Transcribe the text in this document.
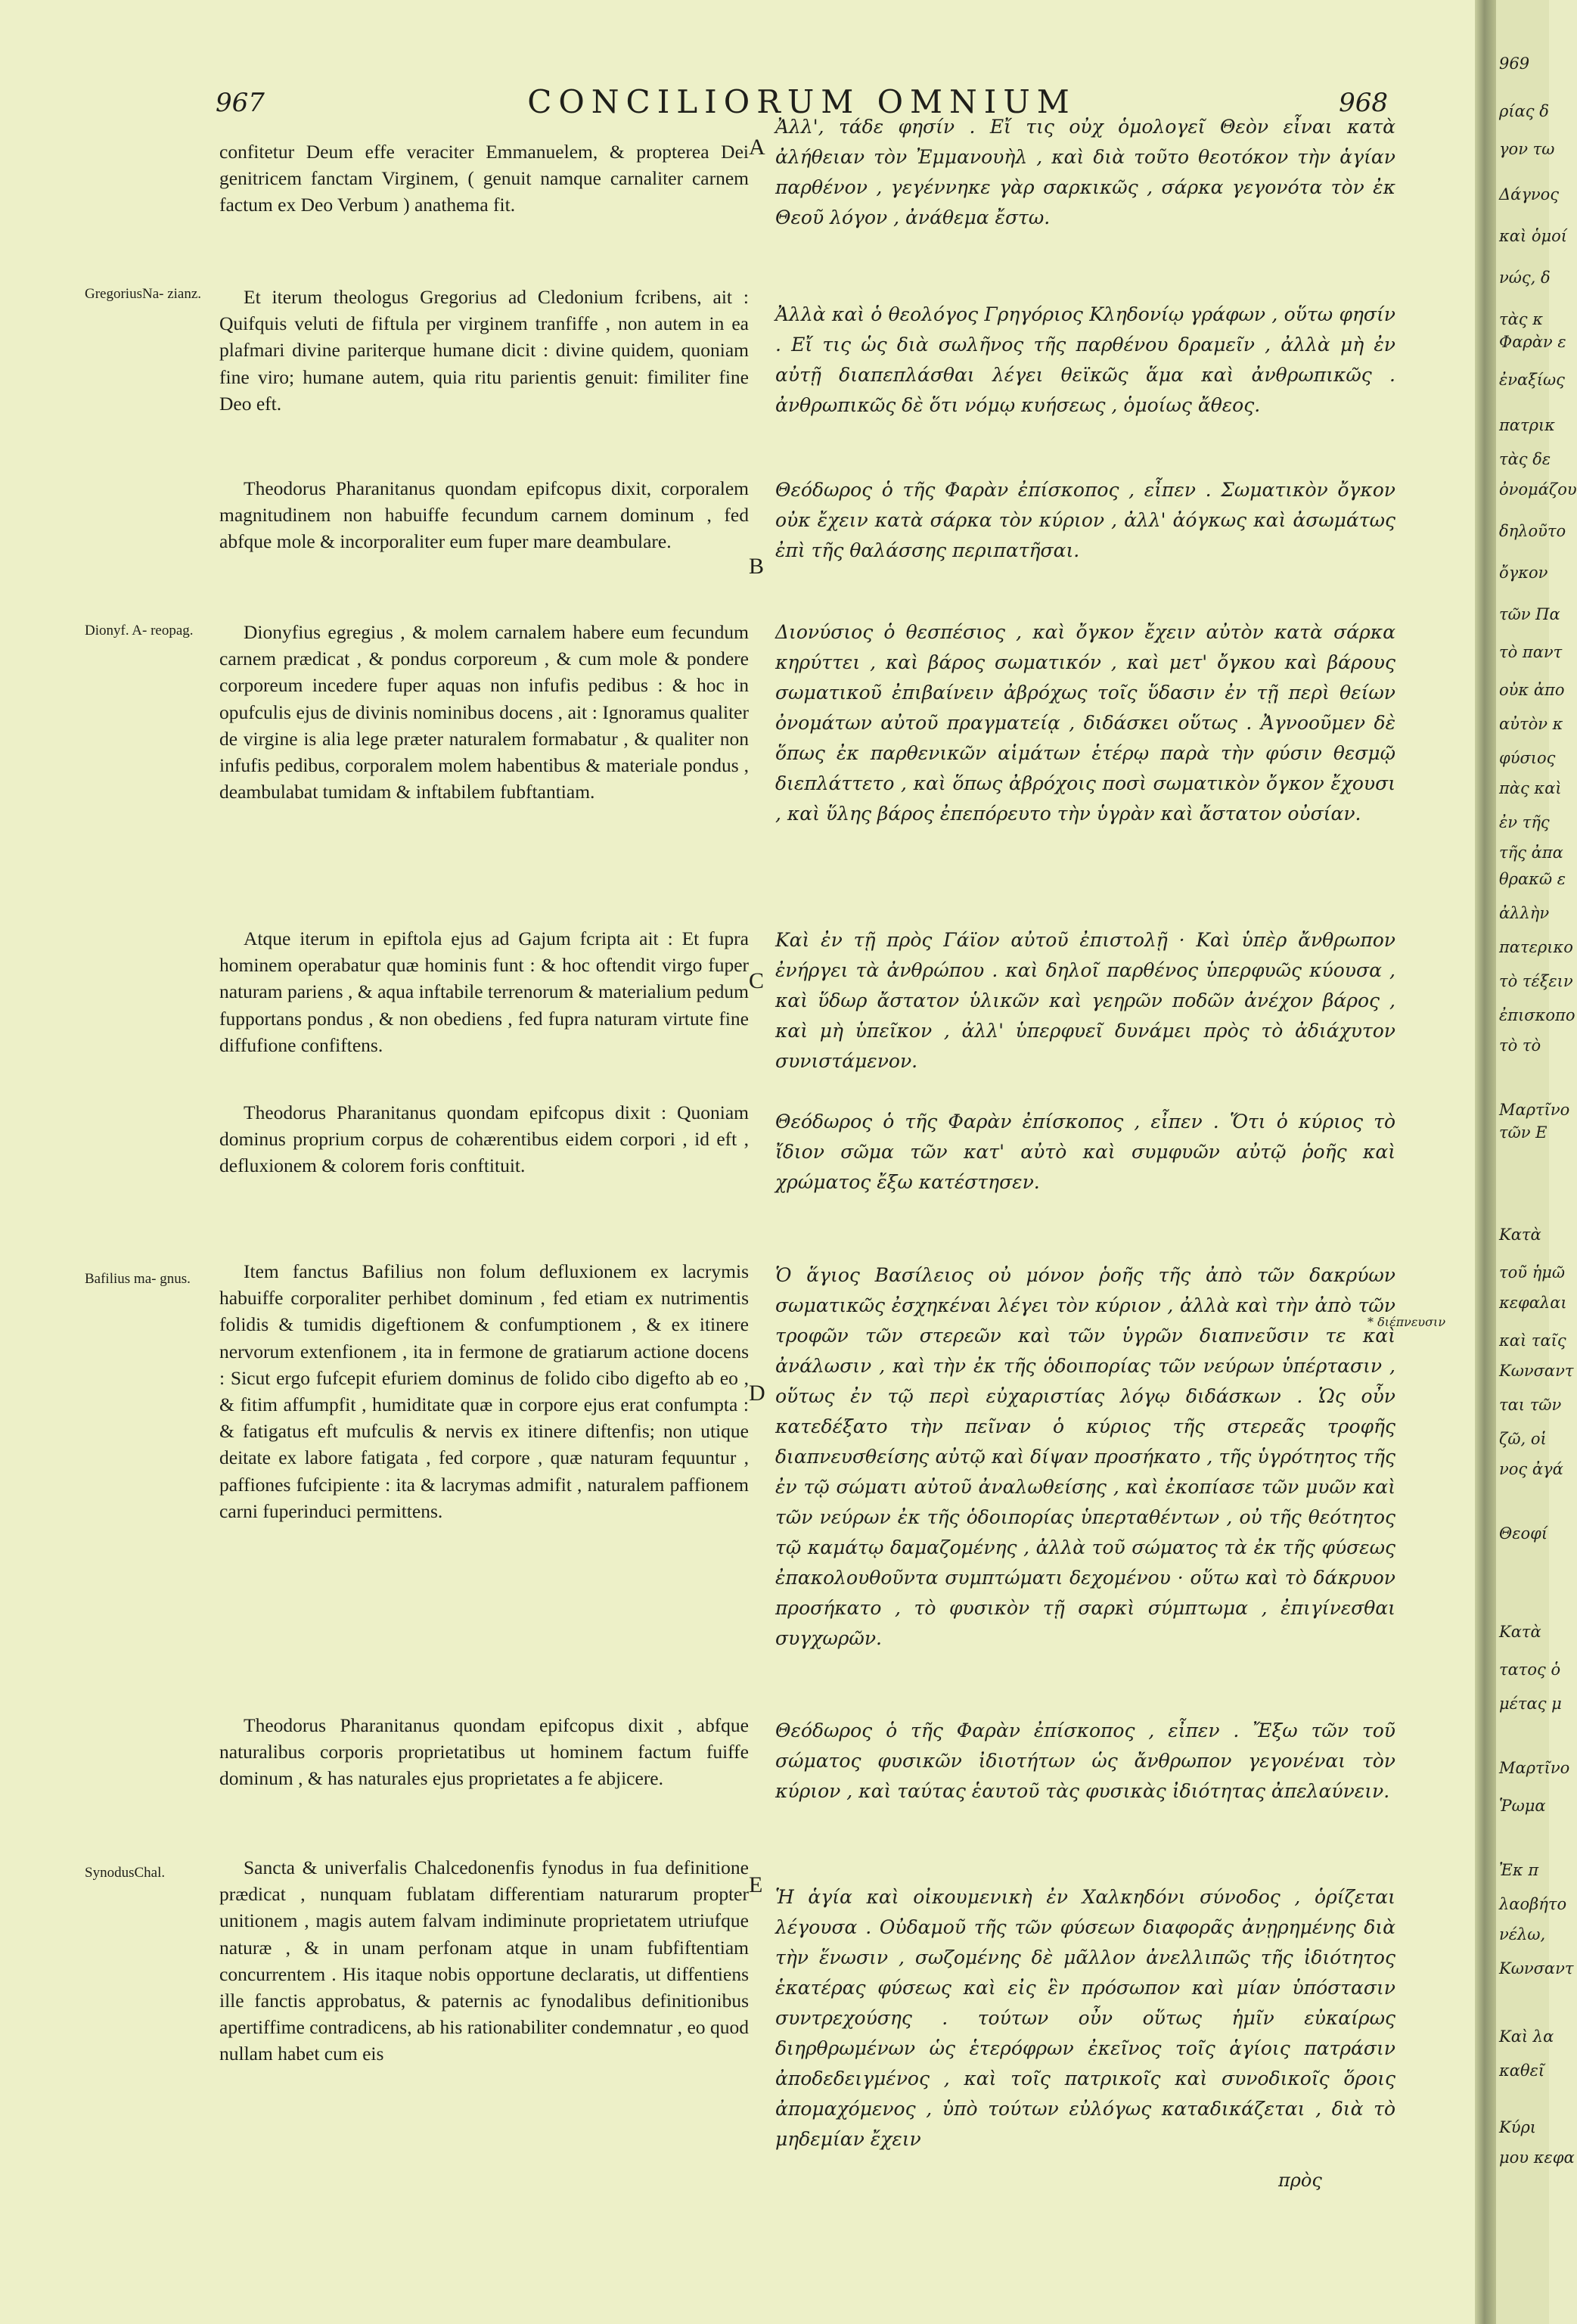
967	CONCILIORUM OMNIUM	968
GregoriusNa- zianz.
Dionyf. A- reopag.
Bafilius ma- gnus.
SynodusChal.
A
B
C
D
E

confitetur Deum effe veraciter Emmanuelem, & propterea Dei genitricem fanctam Virginem, ( genuit namque carnaliter carnem factum ex Deo Verbum ) anathema fit.

Et iterum theologus Gregorius ad Cledonium fcribens, ait : Quifquis veluti de fiftula per virginem tranfiffe , non autem in ea plafmari divine pariterque humane dicit : divine quidem, quoniam fine viro; humane autem, quia ritu parientis genuit: fimiliter fine Deo eft.

Theodorus Pharanitanus quondam epifcopus dixit, corporalem magnitudinem non habuiffe fecundum carnem dominum , fed abfque mole & incorporaliter eum fuper mare deambulare.

Dionyfius egregius , & molem carnalem habere eum fecundum carnem prædicat , & pondus corporeum , & cum mole & pondere corporeum incedere fuper aquas non infufis pedibus : & hoc in opufculis ejus de divinis nominibus docens , ait : Ignoramus qualiter de virgine is alia lege præter naturalem formabatur , & qualiter non infufis pedibus, corporalem molem habentibus & materiale pondus , deambulabat tumidam & inftabilem fubftantiam.

Atque iterum in epiftola ejus ad Gajum fcripta ait : Et fupra hominem operabatur quæ hominis funt : & hoc oftendit virgo fuper naturam pariens , & aqua inftabile terrenorum & materialium pedum fupportans pondus , & non obediens , fed fupra naturam virtute fine diffufione confiftens.

Theodorus Pharanitanus quondam epifcopus dixit : Quoniam dominus proprium corpus de cohærentibus eidem corpori , id eft , defluxionem & colorem foris conftituit.

Item fanctus Bafilius non folum defluxionem ex lacrymis habuiffe corporaliter perhibet dominum , fed etiam ex nutrimentis folidis & tumidis digeftionem & confumptionem , & ex itinere nervorum extenfionem , ita in fermone de gratiarum actione docens : Sicut ergo fufcepit efuriem dominus de folido cibo digefto ab eo , & fitim affumpfit , humiditate quæ in corpore ejus erat confumpta : & fatigatus eft mufculis & nervis ex itinere diftenfis; non utique deitate ex labore fatigata , fed corpore , quæ naturam fequuntur , paffiones fufcipiente : ita & lacrymas admifit , naturalem paffionem carni fuperinduci permittens.

Theodorus Pharanitanus quondam epifcopus dixit , abfque naturalibus corporis proprietatibus ut hominem factum fuiffe dominum , & has naturales ejus proprietates a fe abjicere.

Sancta & univerfalis Chalcedonenfis fynodus in fua definitione prædicat , nunquam fublatam differentiam naturarum propter unitionem , magis autem falvam indiminute proprietatem utriufque naturæ , & in unam perfonam atque in unam fubfiftentiam concurrentem . His itaque nobis opportune declaratis, ut diffentiens ille fanctis approbatus, & paternis ac fynodalibus definitionibus apertiffime contradicens, ab his rationabiliter condemnatur , eo quod nullam habet cum eis

Ἀλλ', τάδε φησίν . Εἴ τις οὐχ ὁμολογεῖ Θεὸν εἶναι κατὰ ἀλήθειαν τὸν Ἐμμανουὴλ , καὶ διὰ τοῦτο θεοτόκον τὴν ἁγίαν παρθένον , γεγέννηκε γὰρ σαρκικῶς , σάρκα γεγονότα τὸν ἐκ Θεοῦ λόγον , ἀνάθεμα ἔστω.

Ἀλλὰ καὶ ὁ θεολόγος Γρηγόριος Κληδονίῳ γράφων , οὕτω φησίν . Εἴ τις ὡς διὰ σωλῆνος τῆς παρθένου δραμεῖν , ἀλλὰ μὴ ἐν αὐτῇ διαπεπλάσθαι λέγει θεϊκῶς ἅμα καὶ ἀνθρωπικῶς . ἀνθρωπικῶς δὲ ὅτι νόμῳ κυήσεως , ὁμοίως ἄθεος.

Θεόδωρος ὁ τῆς Φαρὰν ἐπίσκοπος , εἶπεν . Σωματικὸν ὄγκον οὐκ ἔχειν κατὰ σάρκα τὸν κύριον , ἀλλ' ἀόγκως καὶ ἀσωμάτως ἐπὶ τῆς θαλάσσης περιπατῆσαι.

Διονύσιος ὁ θεσπέσιος , καὶ ὄγκον ἔχειν αὐτὸν κατὰ σάρκα κηρύττει , καὶ βάρος σωματικόν , καὶ μετ' ὄγκου καὶ βάρους σωματικοῦ ἐπιβαίνειν ἀβρόχως τοῖς ὕδασιν ἐν τῇ περὶ θείων ὀνομάτων αὐτοῦ πραγματείᾳ , διδάσκει οὕτως . Ἀγνοοῦμεν δὲ ὅπως ἐκ παρθενικῶν αἱμάτων ἑτέρῳ παρὰ τὴν φύσιν θεσμῷ διεπλάττετο , καὶ ὅπως ἀβρόχοις ποσὶ σωματικὸν ὄγκον ἔχουσι , καὶ ὕλης βάρος ἐπεπόρευτο τὴν ὑγρὰν καὶ ἄστατον οὐσίαν.

Καὶ ἐν τῇ πρὸς Γάϊον αὐτοῦ ἐπιστολῇ · Καὶ ὑπὲρ ἄνθρωπον ἐνήργει τὰ ἀνθρώπου . καὶ δηλοῖ παρθένος ὑπερφυῶς κύουσα , καὶ ὕδωρ ἄστατον ὑλικῶν καὶ γεηρῶν ποδῶν ἀνέχον βάρος , καὶ μὴ ὑπεῖκον , ἀλλ' ὑπερφυεῖ δυνάμει πρὸς τὸ ἀδιάχυτον συνιστάμενον.

Θεόδωρος ὁ τῆς Φαρὰν ἐπίσκοπος , εἶπεν . Ὅτι ὁ κύριος τὸ ἴδιον σῶμα τῶν κατ' αὐτὸ καὶ συμφυῶν αὐτῷ ῥοῆς καὶ χρώματος ἔξω κατέστησεν.

Ὁ ἅγιος Βασίλειος οὐ μόνον ῥοῆς τῆς ἀπὸ τῶν δακρύων σωματικῶς ἐσχηκέναι λέγει τὸν κύριον , ἀλλὰ καὶ τὴν ἀπὸ τῶν τροφῶν τῶν στερεῶν καὶ τῶν ὑγρῶν διαπνεῦσιν τε καὶ ἀνάλωσιν , καὶ τὴν ἐκ τῆς ὁδοιπορίας τῶν νεύρων ὑπέρτασιν , οὕτως ἐν τῷ περὶ εὐχαριστίας λόγῳ διδάσκων . Ὡς οὖν κατεδέξατο τὴν πεῖναν ὁ κύριος τῆς στερεᾶς τροφῆς διαπνευσθείσης αὐτῷ καὶ δίψαν προσήκατο , τῆς ὑγρότητος τῆς ἐν τῷ σώματι αὐτοῦ ἀναλωθείσης , καὶ ἐκοπίασε τῶν μυῶν καὶ τῶν νεύρων ἐκ τῆς ὁδοιπορίας ὑπερταθέντων , οὐ τῆς θεότητος τῷ καμάτῳ δαμαζομένης , ἀλλὰ τοῦ σώματος τὰ ἐκ τῆς φύσεως ἐπακολουθοῦντα συμπτώματι δεχομένου · οὕτω καὶ τὸ δάκρυον προσήκατο , τὸ φυσικὸν τῇ σαρκὶ σύμπτωμα , ἐπιγίνεσθαι συγχωρῶν.

Θεόδωρος ὁ τῆς Φαρὰν ἐπίσκοπος , εἶπεν . Ἔξω τῶν τοῦ σώματος φυσικῶν ἰδιοτήτων ὡς ἄνθρωπον γεγονέναι τὸν κύριον , καὶ ταύτας ἑαυτοῦ τὰς φυσικὰς ἰδιότητας ἀπελαύνειν.

Ἡ ἁγία καὶ οἰκουμενικὴ ἐν Χαλκηδόνι σύνοδος , ὁρίζεται λέγουσα . Οὐδαμοῦ τῆς τῶν φύσεων διαφορᾶς ἀνῃρημένης διὰ τὴν ἕνωσιν , σωζομένης δὲ μᾶλλον ἀνελλιπῶς τῆς ἰδιότητος ἑκατέρας φύσεως καὶ εἰς ἓν πρόσωπον καὶ μίαν ὑπόστασιν συντρεχούσης . τούτων οὖν οὕτως ἡμῖν εὐκαίρως διηρθρωμένων ὡς ἑτερόφρων ἐκεῖνος τοῖς ἁγίοις πατράσιν ἀποδεδειγμένος , καὶ τοῖς πατρικοῖς καὶ συνοδικοῖς ὅροις ἀπομαχόμενος , ὑπὸ τούτων εὐλόγως καταδικάζεται , διὰ τὸ μηδεμίαν ἔχειν

* διέπνευσιν
πρὸς
969
ρίας δ
γον τω
Δάγνος
καὶ ὁμοί
νώς, δ
τὰς κ
Φαρὰν ε
ἐναξίως
πατρικ
τὰς δε
ὀνομάζου
δηλοῦτο
ὄγκον
τῶν Πα
τὸ παντ
οὐκ ἀπο
αὐτὸν κ
φύσιος
πὰς καὶ
ἐν τῆς
τῆς ἀπα
θρακῶ ε
ἀλλὴν
πατερικο
τὸ τέξειν
ἐπισκοπο
τὸ τὸ
Μαρτῖνο
τῶν Ε
Κατὰ
τοῦ ἡμῶ
κεφαλαι
καὶ ταῖς
Κωνσαντ
ται τῶν
ζῶ, οἱ
νος ἀγά
Θεοφί
Κατὰ
τατος ὁ
μέτας μ
Μαρτῖνο
Ῥωμα
Ἐκ π
λαοβήτο
νέλω,
Κωνσαντ
Καὶ λα
καθεῖ
Κύρι
μου κεφα
